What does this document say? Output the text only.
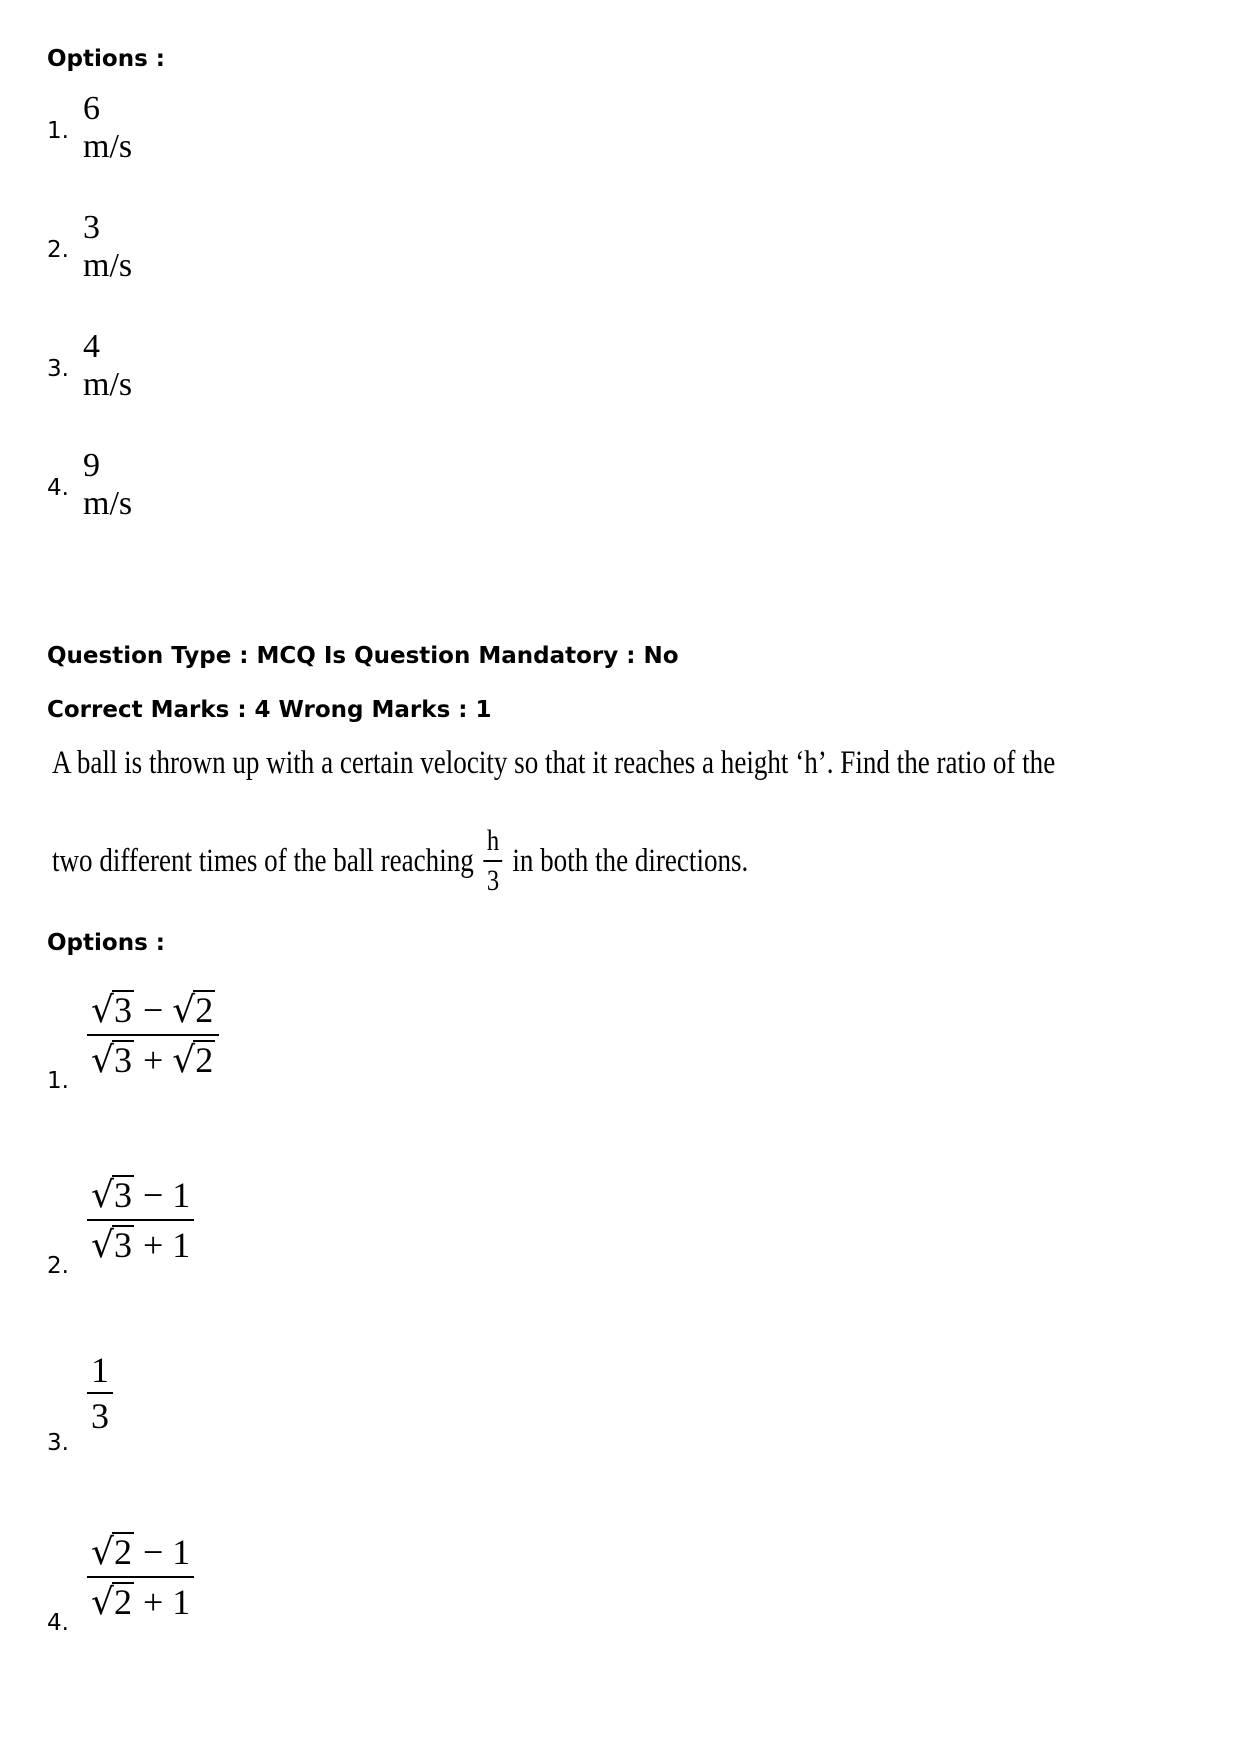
Options :
1.
6 m/s
2.
3 m/s
3.
4 m/s
4.
9 m/s
Question Type : MCQ Is Question Mandatory : No
Correct Marks : 4 Wrong Marks : 1
A ball is thrown up with a certain velocity so that it reaches a height ‘h’. Find the ratio of the
two different times of the ball reaching $\frac{h}{3}$ in both the directions.
Options :
1.
√3 − √2
√3 + √2
2.
√3 − 1
√3 + 1
3.
1
3
4.
√2 − 1
√2 + 1
